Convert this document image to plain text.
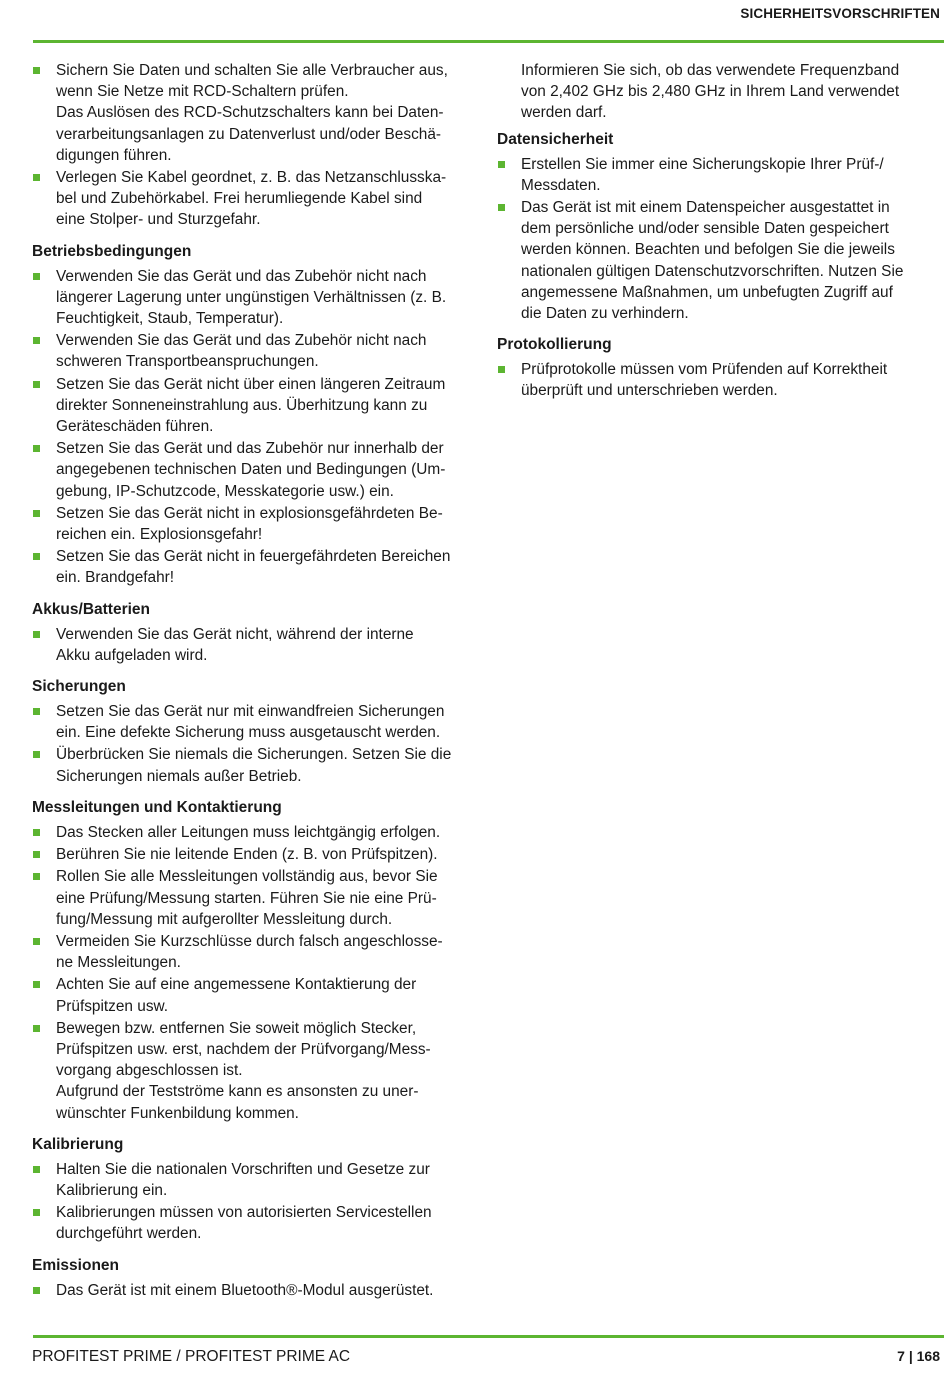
SICHERHEITSVORSCHRIFTEN
Sichern Sie Daten und schalten Sie alle Verbraucher aus,
wenn Sie Netze mit RCD-Schaltern prüfen.
Das Auslösen des RCD-Schutzschalters kann bei Daten-
verarbeitungsanlagen zu Datenverlust und/oder Beschä-
digungen führen.
Verlegen Sie Kabel geordnet, z. B. das Netzanschlusska-
bel und Zubehörkabel. Frei herumliegende Kabel sind
eine Stolper- und Sturzgefahr.
Betriebsbedingungen
Verwenden Sie das Gerät und das Zubehör nicht nach
längerer Lagerung unter ungünstigen Verhältnissen (z. B.
Feuchtigkeit, Staub, Temperatur).
Verwenden Sie das Gerät und das Zubehör nicht nach
schweren Transportbeanspruchungen.
Setzen Sie das Gerät nicht über einen längeren Zeitraum
direkter Sonneneinstrahlung aus. Überhitzung kann zu
Geräteschäden führen.
Setzen Sie das Gerät und das Zubehör nur innerhalb der
angegebenen technischen Daten und Bedingungen (Um-
gebung, IP-Schutzcode, Messkategorie usw.) ein.
Setzen Sie das Gerät nicht in explosionsgefährdeten Be-
reichen ein. Explosionsgefahr!
Setzen Sie das Gerät nicht in feuergefährdeten Bereichen
ein. Brandgefahr!
Akkus/Batterien
Verwenden Sie das Gerät nicht, während der interne
Akku aufgeladen wird.
Sicherungen
Setzen Sie das Gerät nur mit einwandfreien Sicherungen
ein. Eine defekte Sicherung muss ausgetauscht werden.
Überbrücken Sie niemals die Sicherungen. Setzen Sie die
Sicherungen niemals außer Betrieb.
Messleitungen und Kontaktierung
Das Stecken aller Leitungen muss leichtgängig erfolgen.
Berühren Sie nie leitende Enden (z. B. von Prüfspitzen).
Rollen Sie alle Messleitungen vollständig aus, bevor Sie
eine Prüfung/Messung starten. Führen Sie nie eine Prü-
fung/Messung mit aufgerollter Messleitung durch.
Vermeiden Sie Kurzschlüsse durch falsch angeschlosse-
ne Messleitungen.
Achten Sie auf eine angemessene Kontaktierung der
Prüfspitzen usw.
Bewegen bzw. entfernen Sie soweit möglich Stecker,
Prüfspitzen usw. erst, nachdem der Prüfvorgang/Mess-
vorgang abgeschlossen ist.
Aufgrund der Testströme kann es ansonsten zu uner-
wünschter Funkenbildung kommen.
Kalibrierung
Halten Sie die nationalen Vorschriften und Gesetze zur
Kalibrierung ein.
Kalibrierungen müssen von autorisierten Servicestellen
durchgeführt werden.
Emissionen
Das Gerät ist mit einem Bluetooth®-Modul ausgerüstet.
Informieren Sie sich, ob das verwendete Frequenzband
von 2,402 GHz bis 2,480 GHz in Ihrem Land verwendet
werden darf.
Datensicherheit
Erstellen Sie immer eine Sicherungskopie Ihrer Prüf-/
Messdaten.
Das Gerät ist mit einem Datenspeicher ausgestattet in
dem persönliche und/oder sensible Daten gespeichert
werden können. Beachten und befolgen Sie die jeweils
nationalen gültigen Datenschutzvorschriften. Nutzen Sie
angemessene Maßnahmen, um unbefugten Zugriff auf
die Daten zu verhindern.
Protokollierung
Prüfprotokolle müssen vom Prüfenden auf Korrektheit
überprüft und unterschrieben werden.
PROFITEST PRIME / PROFITEST PRIME AC	7 | 168
